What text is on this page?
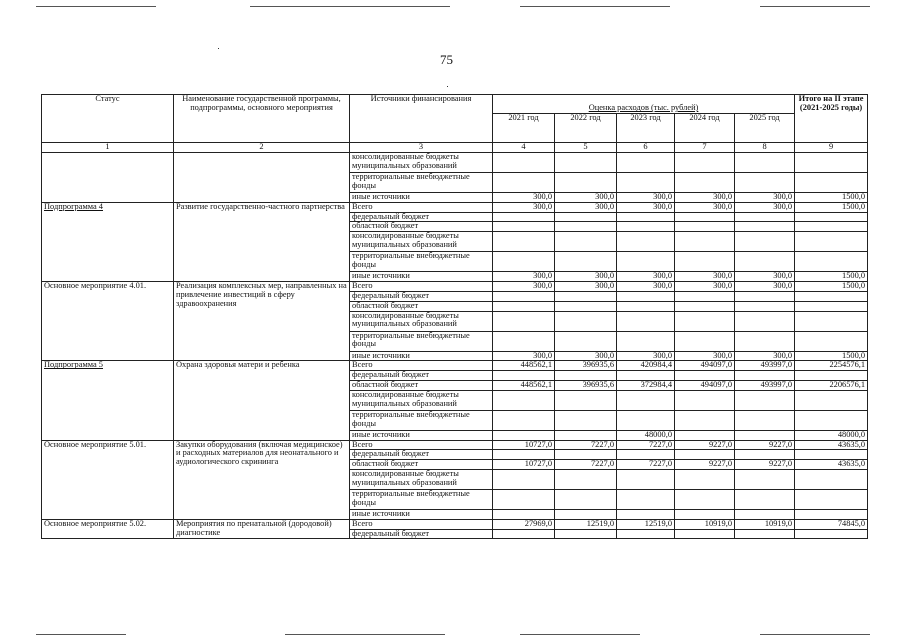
75
Статус	Наименование государственной программы, подпрограммы, основного мероприятия	Источники финансирования	Оценка расходов (тыс. рублей)					Итого на II этапе (2021-2025 годы)
			2021 год	2022 год	2023 год	2024 год	2025 год	
1	2	3	4	5	6	7	8	9
		консолидированные бюджеты муниципальных образований						
		территориальные внебюджетные фонды						
		иные источники	300,0	300,0	300,0	300,0	300,0	1500,0
Подпрограмма 4	Развитие государственно-частного партнерства	Всего	300,0	300,0	300,0	300,0	300,0	1500,0
		федеральный бюджет						
		областной бюджет						
		консолидированные бюджеты муниципальных образований						
		территориальные внебюджетные фонды						
		иные источники	300,0	300,0	300,0	300,0	300,0	1500,0
Основное мероприятие 4.01.	Реализация комплексных мер, направленных на привлечение инвестиций в сферу здравоохранения	Всего	300,0	300,0	300,0	300,0	300,0	1500,0
		федеральный бюджет						
		областной бюджет						
		консолидированные бюджеты муниципальных образований						
		территориальные внебюджетные фонды						
		иные источники	300,0	300,0	300,0	300,0	300,0	1500,0
Подпрограмма 5	Охрана здоровья матери и ребенка	Всего	448562,1	396935,6	420984,4	494097,0	493997,0	2254576,1
		федеральный бюджет						
		областной бюджет	448562,1	396935,6	372984,4	494097,0	493997,0	2206576,1
		консолидированные бюджеты муниципальных образований						
		территориальные внебюджетные фонды						
		иные источники			48000,0			48000,0
Основное мероприятие 5.01.	Закупки оборудования (включая медицинское) и расходных материалов для неонатального и аудиологического скрининга	Всего	10727,0	7227,0	7227,0	9227,0	9227,0	43635,0
		федеральный бюджет						
		областной бюджет	10727,0	7227,0	7227,0	9227,0	9227,0	43635,0
		консолидированные бюджеты муниципальных образований						
		территориальные внебюджетные фонды						
		иные источники						
Основное мероприятие 5.02.	Мероприятия по пренатальной (дородовой) диагностике	Всего	27969,0	12519,0	12519,0	10919,0	10919,0	74845,0
		федеральный бюджет						
